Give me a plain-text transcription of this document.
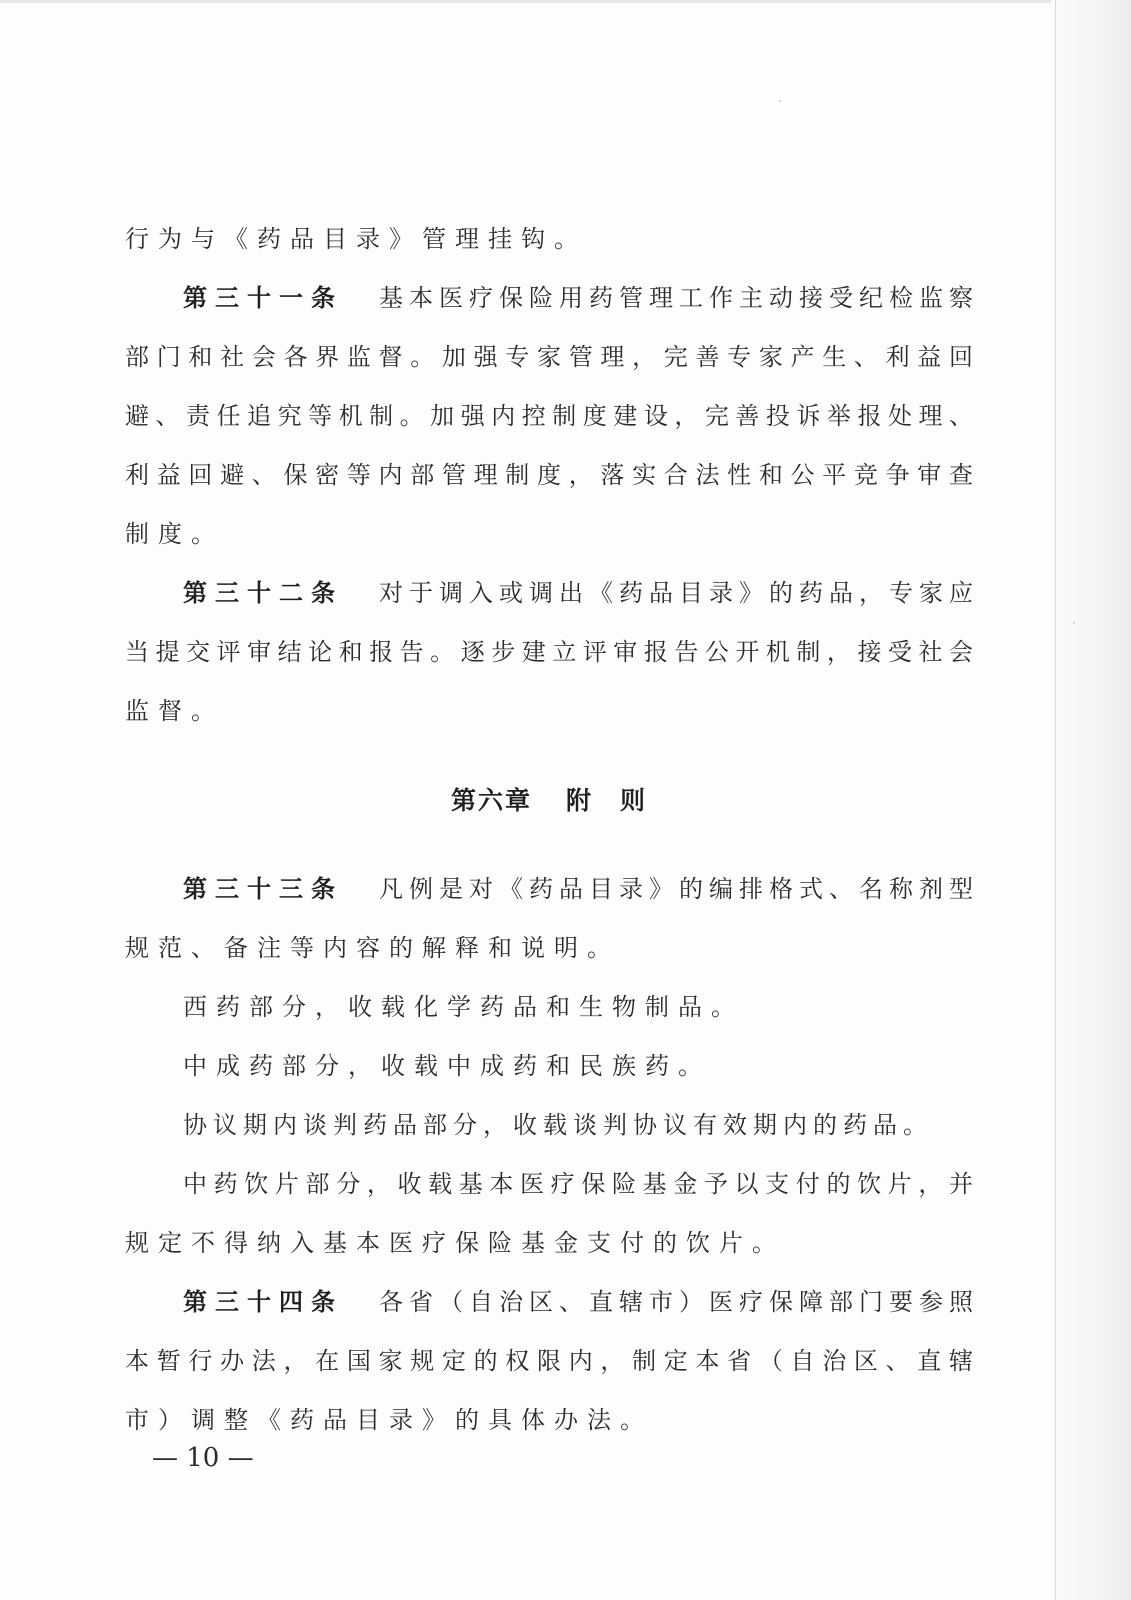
行为与《药品目录》管理挂钩。
第三十一条 基本医疗保险用药管理工作主动接受纪检监察
部门和社会各界监督。加强专家管理，完善专家产生、利益回
避、责任追究等机制。加强内控制度建设，完善投诉举报处理、
利益回避、保密等内部管理制度，落实合法性和公平竞争审查
制度。
第三十二条 对于调入或调出《药品目录》的药品，专家应
当提交评审结论和报告。逐步建立评审报告公开机制，接受社会
监督。
第六章 附　则
第三十三条 凡例是对《药品目录》的编排格式、名称剂型
规范、备注等内容的解释和说明。
西药部分，收载化学药品和生物制品。
中成药部分，收载中成药和民族药。
协议期内谈判药品部分，收载谈判协议有效期内的药品。
中药饮片部分，收载基本医疗保险基金予以支付的饮片，并
规定不得纳入基本医疗保险基金支付的饮片。
第三十四条 各省（自治区、直辖市）医疗保障部门要参照
本暂行办法，在国家规定的权限内，制定本省（自治区、直辖
市）调整《药品目录》的具体办法。
— 10 —
